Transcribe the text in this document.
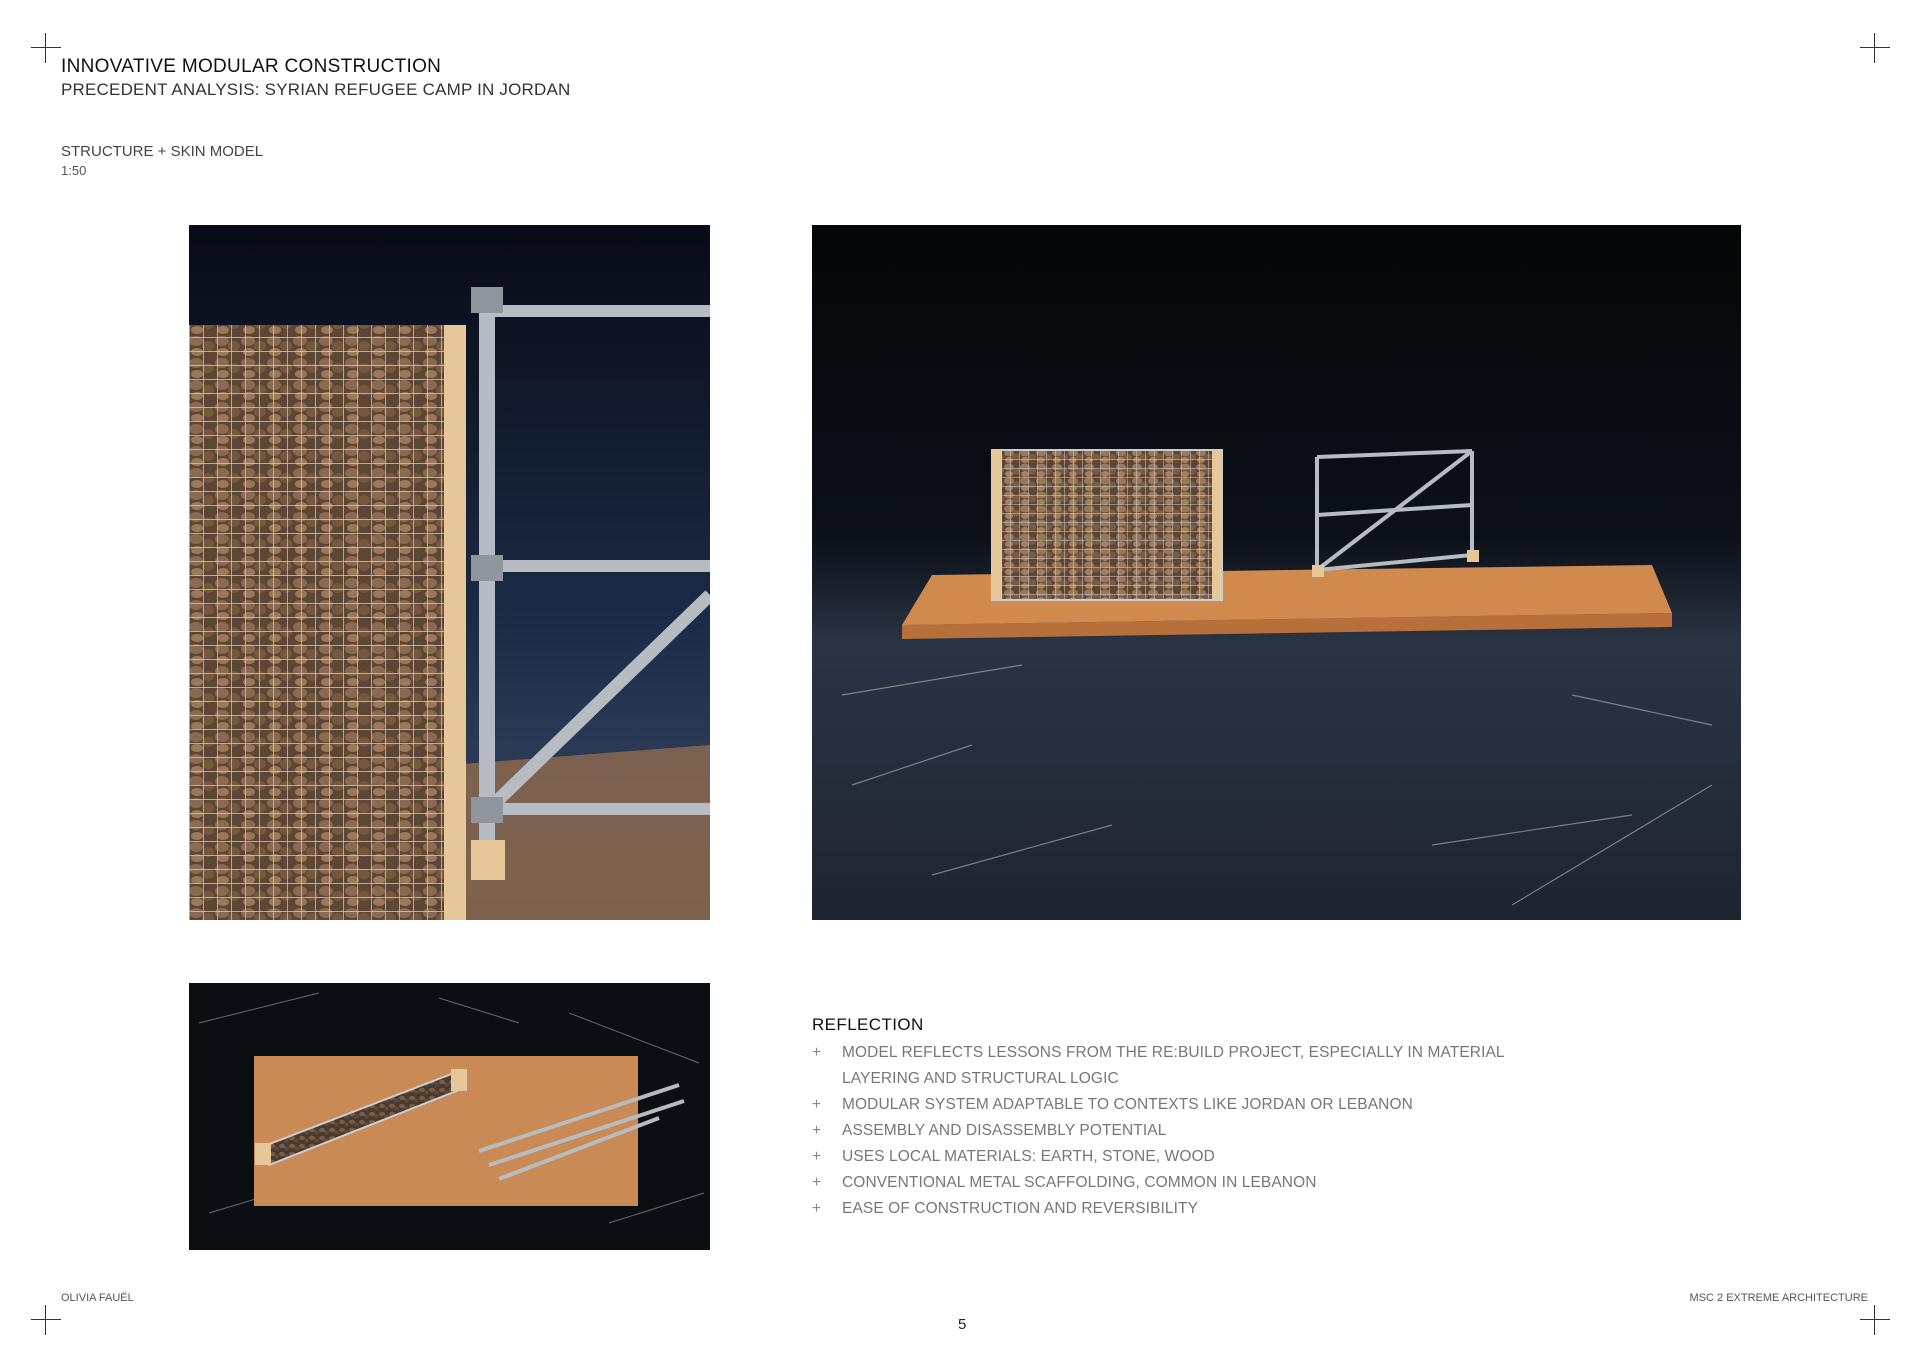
INNOVATIVE MODULAR CONSTRUCTION
PRECEDENT ANALYSIS: SYRIAN REFUGEE CAMP IN JORDAN
STRUCTURE + SKIN MODEL
1:50
REFLECTION
+ MODEL REFLECTS LESSONS FROM THE RE:BUILD PROJECT, ESPECIALLY IN MATERIAL LAYERING AND STRUCTURAL LOGIC
+ MODULAR SYSTEM ADAPTABLE TO CONTEXTS LIKE JORDAN OR LEBANON
+ ASSEMBLY AND DISASSEMBLY POTENTIAL
+ USES LOCAL MATERIALS: EARTH, STONE, WOOD
+ CONVENTIONAL METAL SCAFFOLDING, COMMON IN LEBANON
+ EASE OF CONSTRUCTION AND REVERSIBILITY
OLIVIA FAUËL	MSC 2 EXTREME ARCHITECTURE
5
